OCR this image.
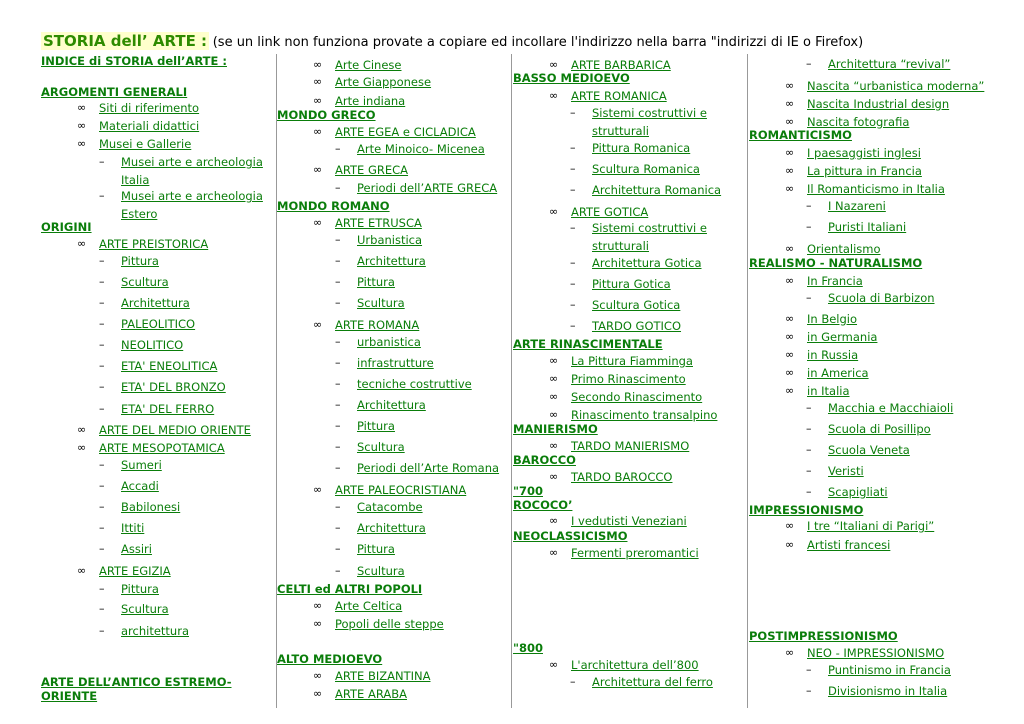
STORIA dell’ ARTE : (se un link non funziona provate a copiare ed incollare l'indirizzo nella barra "indirizzi di IE o Firefox)
INDICE di STORIA dell’ARTE :
ARGOMENTI GENERALI
∞ Siti di riferimento
∞ Materiali didattici
∞ Musei e Gallerie
– Musei arte e archeologia
Italia
– Musei arte e archeologia
Estero
ORIGINI
∞ ARTE PREISTORICA
– Pittura
– Scultura
– Architettura
– PALEOLITICO
– NEOLITICO
– ETA' ENEOLITICA
– ETA' DEL BRONZO
– ETA' DEL FERRO
∞ ARTE DEL MEDIO ORIENTE
∞ ARTE MESOPOTAMICA
– Sumeri
– Accadi
– Babilonesi
– Ittiti
– Assiri
∞ ARTE EGIZIA
– Pittura
– Scultura
– architettura
ARTE DELL’ANTICO ESTREMO-
ORIENTE
∞ Arte Cinese
∞ Arte Giapponese
∞ Arte indiana
MONDO GRECO
∞ ARTE EGEA e CICLADICA
– Arte Minoico- Micenea
∞ ARTE GRECA
– Periodi dell’ARTE GRECA
MONDO ROMANO
∞ ARTE ETRUSCA
– Urbanistica
– Architettura
– Pittura
– Scultura
∞ ARTE ROMANA
– urbanistica
– infrastrutture
– tecniche costruttive
– Architettura
– Pittura
– Scultura
– Periodi dell’Arte Romana
∞ ARTE PALEOCRISTIANA
– Catacombe
– Architettura
– Pittura
– Scultura
CELTI ed ALTRI POPOLI
∞ Arte Celtica
∞ Popoli delle steppe
ALTO MEDIOEVO
∞ ARTE BIZANTINA
∞ ARTE ARABA
∞ ARTE BARBARICA
BASSO MEDIOEVO
∞ ARTE ROMANICA
– Sistemi costruttivi e
strutturali
– Pittura Romanica
– Scultura Romanica
– Architettura Romanica
∞ ARTE GOTICA
– Sistemi costruttivi e
strutturali
– Architettura Gotica
– Pittura Gotica
– Scultura Gotica
– TARDO GOTICO
ARTE RINASCIMENTALE
∞ La Pittura Fiamminga
∞ Primo Rinascimento
∞ Secondo Rinascimento
∞ Rinascimento transalpino
MANIERISMO
∞ TARDO MANIERISMO
BAROCCO
∞ TARDO BAROCCO
"700
ROCOCO’
∞ I vedutisti Veneziani
NEOCLASSICISMO
∞ Fermenti preromantici
"800
∞ L'architettura dell’800
– Architettura del ferro
– Architettura “revival”
∞ Nascita “urbanistica moderna”
∞ Nascita Industrial design
∞ Nascita fotografia
ROMANTICISMO
∞ I paesaggisti inglesi
∞ La pittura in Francia
∞ Il Romanticismo in Italia
– I Nazareni
– Puristi Italiani
∞ Orientalismo
REALISMO - NATURALISMO
∞ In Francia
– Scuola di Barbizon
∞ In Belgio
∞ in Germania
∞ in Russia
∞ in America
∞ in Italia
– Macchia e Macchiaioli
– Scuola di Posillipo
– Scuola Veneta
– Veristi
– Scapigliati
IMPRESSIONISMO
∞ I tre “Italiani di Parigi”
∞ Artisti francesi
POSTIMPRESSIONISMO
∞ NEO - IMPRESSIONISMO
– Puntinismo in Francia
– Divisionismo in Italia
